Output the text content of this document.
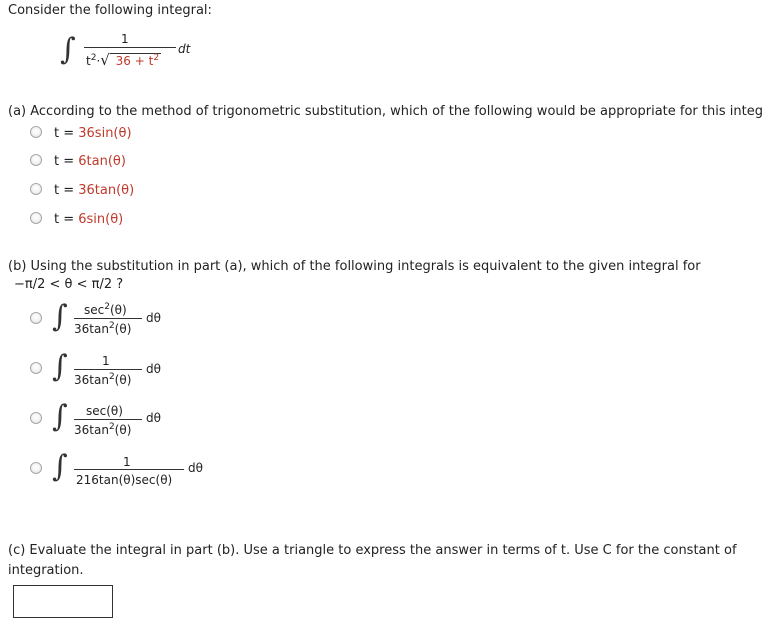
Consider the following integral:
∫	1
$t^2\cdot√$ $36 + t^2$
dt
(a) According to the method of trigonometric substitution, which of the following would be appropriate for this integ
t = 36sin(θ)
t = 6tan(θ)
t = 36tan(θ)
t = 6sin(θ)
(b) Using the substitution in part (a), which of the following integrals is equivalent to the given integral for
−π/2 < θ < π/2 ?
∫ $\sec^2(\theta)$
$36\tan^2(\theta)$
dθ
∫	1
$36\tan^2(\theta)$
dθ
∫ sec(θ)
$36\tan^2(\theta)$
dθ
∫	1
216tan(θ)sec(θ)
dθ
(c) Evaluate the integral in part (b). Use a triangle to express the answer in terms of t. Use C for the constant of
integration.
